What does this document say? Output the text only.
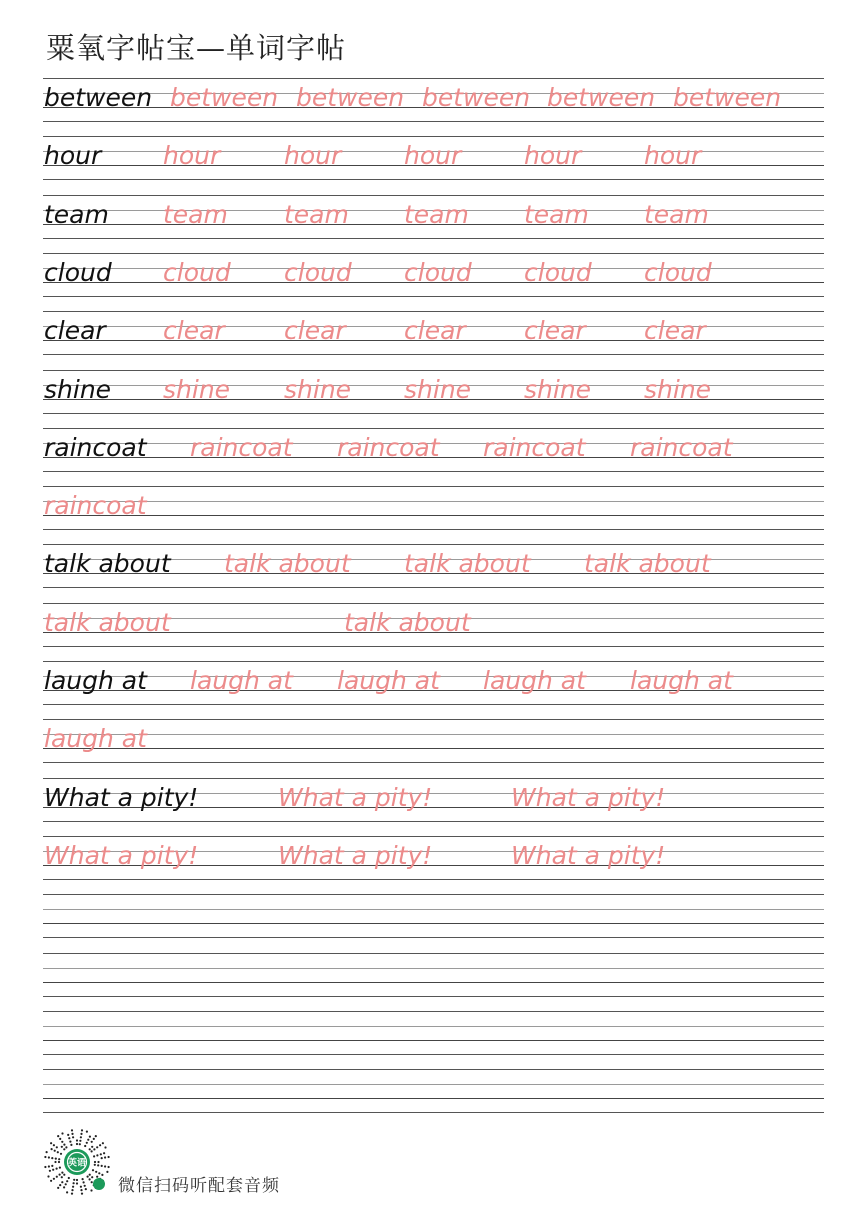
粟氧字帖宝—单词字帖
between between between between between between
hour hour	hour	hour	hour	hour
team team team team team team
cloud cloud cloud cloud cloud cloud
clear clear clear clear clear clear
shine shine shine shine shine shine
raincoat raincoat raincoat raincoat raincoat
raincoat
talk about talk about talk about talk about
talk about	talk about
laugh at laugh at laugh at laugh at laugh at
laugh at
What a pity!	What a pity!	What a pity!
What a pity!	What a pity!	What a pity!
英语
微信扫码听配套音频
